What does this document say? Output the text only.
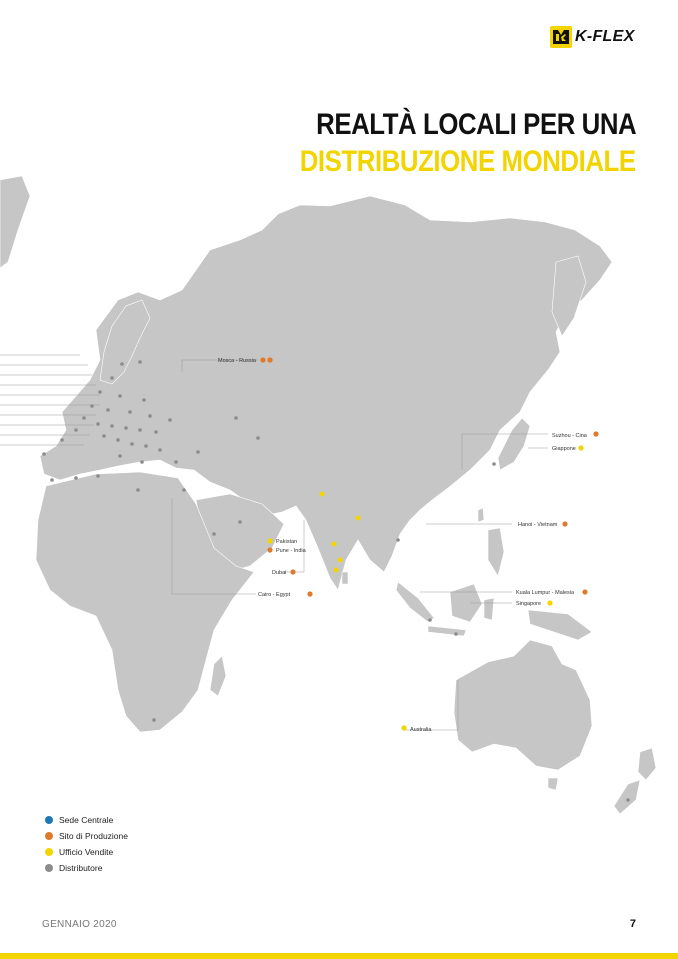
K-FLEX
REALTÀ LOCALI PER UNA
DISTRIBUZIONE MONDIALE
Mosca - Russia
Suzhou - Cina
Giappone
Hanoi - Vietnam
Pakistan
Pune - India
Dubai
Cairo - Egypt	Kuala Lumpur - Malesia
Singapore
Australia
Sede Centrale
Sito di Produzione
Ufficio Vendite
Distributore
GENNAIO 2020	7
